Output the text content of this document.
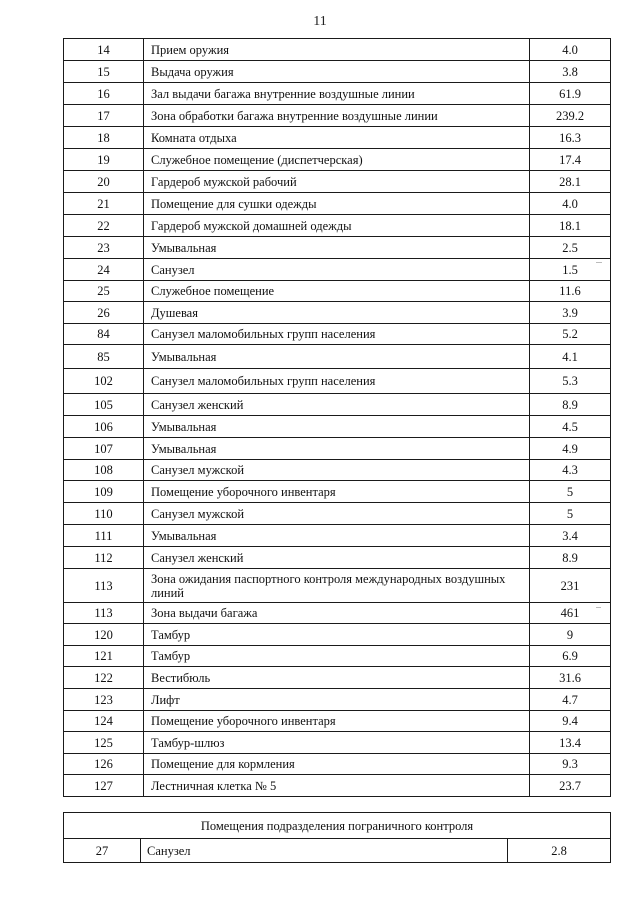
11
14	Прием оружия	4.0
15	Выдача оружия	3.8
16	Зал выдачи багажа внутренние воздушные линии	61.9
17	Зона обработки багажа внутренние воздушные линии	239.2
18	Комната отдыха	16.3
19	Служебное помещение (диспетчерская)	17.4
20	Гардероб мужской рабочий	28.1
21	Помещение для сушки одежды	4.0
22	Гардероб мужской домашней одежды	18.1
23	Умывальная	2.5
24	Санузел	1.5
25	Служебное помещение	11.6
26	Душевая	3.9
84	Санузел маломобильных групп населения	5.2
85	Умывальная	4.1
102	Санузел маломобильных групп населения	5.3
105	Санузел женский	8.9
106	Умывальная	4.5
107	Умывальная	4.9
108	Санузел мужской	4.3
109	Помещение уборочного инвентаря	5
110	Санузел мужской	5
111	Умывальная	3.4
112	Санузел женский	8.9
113	Зона ожидания паспортного контроля международных воздушных линий	231
113	Зона выдачи багажа	461
120	Тамбур	9
121	Тамбур	6.9
122	Вестибюль	31.6
123	Лифт	4.7
124	Помещение уборочного инвентаря	9.4
125	Тамбур-шлюз	13.4
126	Помещение для кормления	9.3
127	Лестничная клетка № 5	23.7
Помещения подразделения пограничного контроля
27	Санузел	2.8
